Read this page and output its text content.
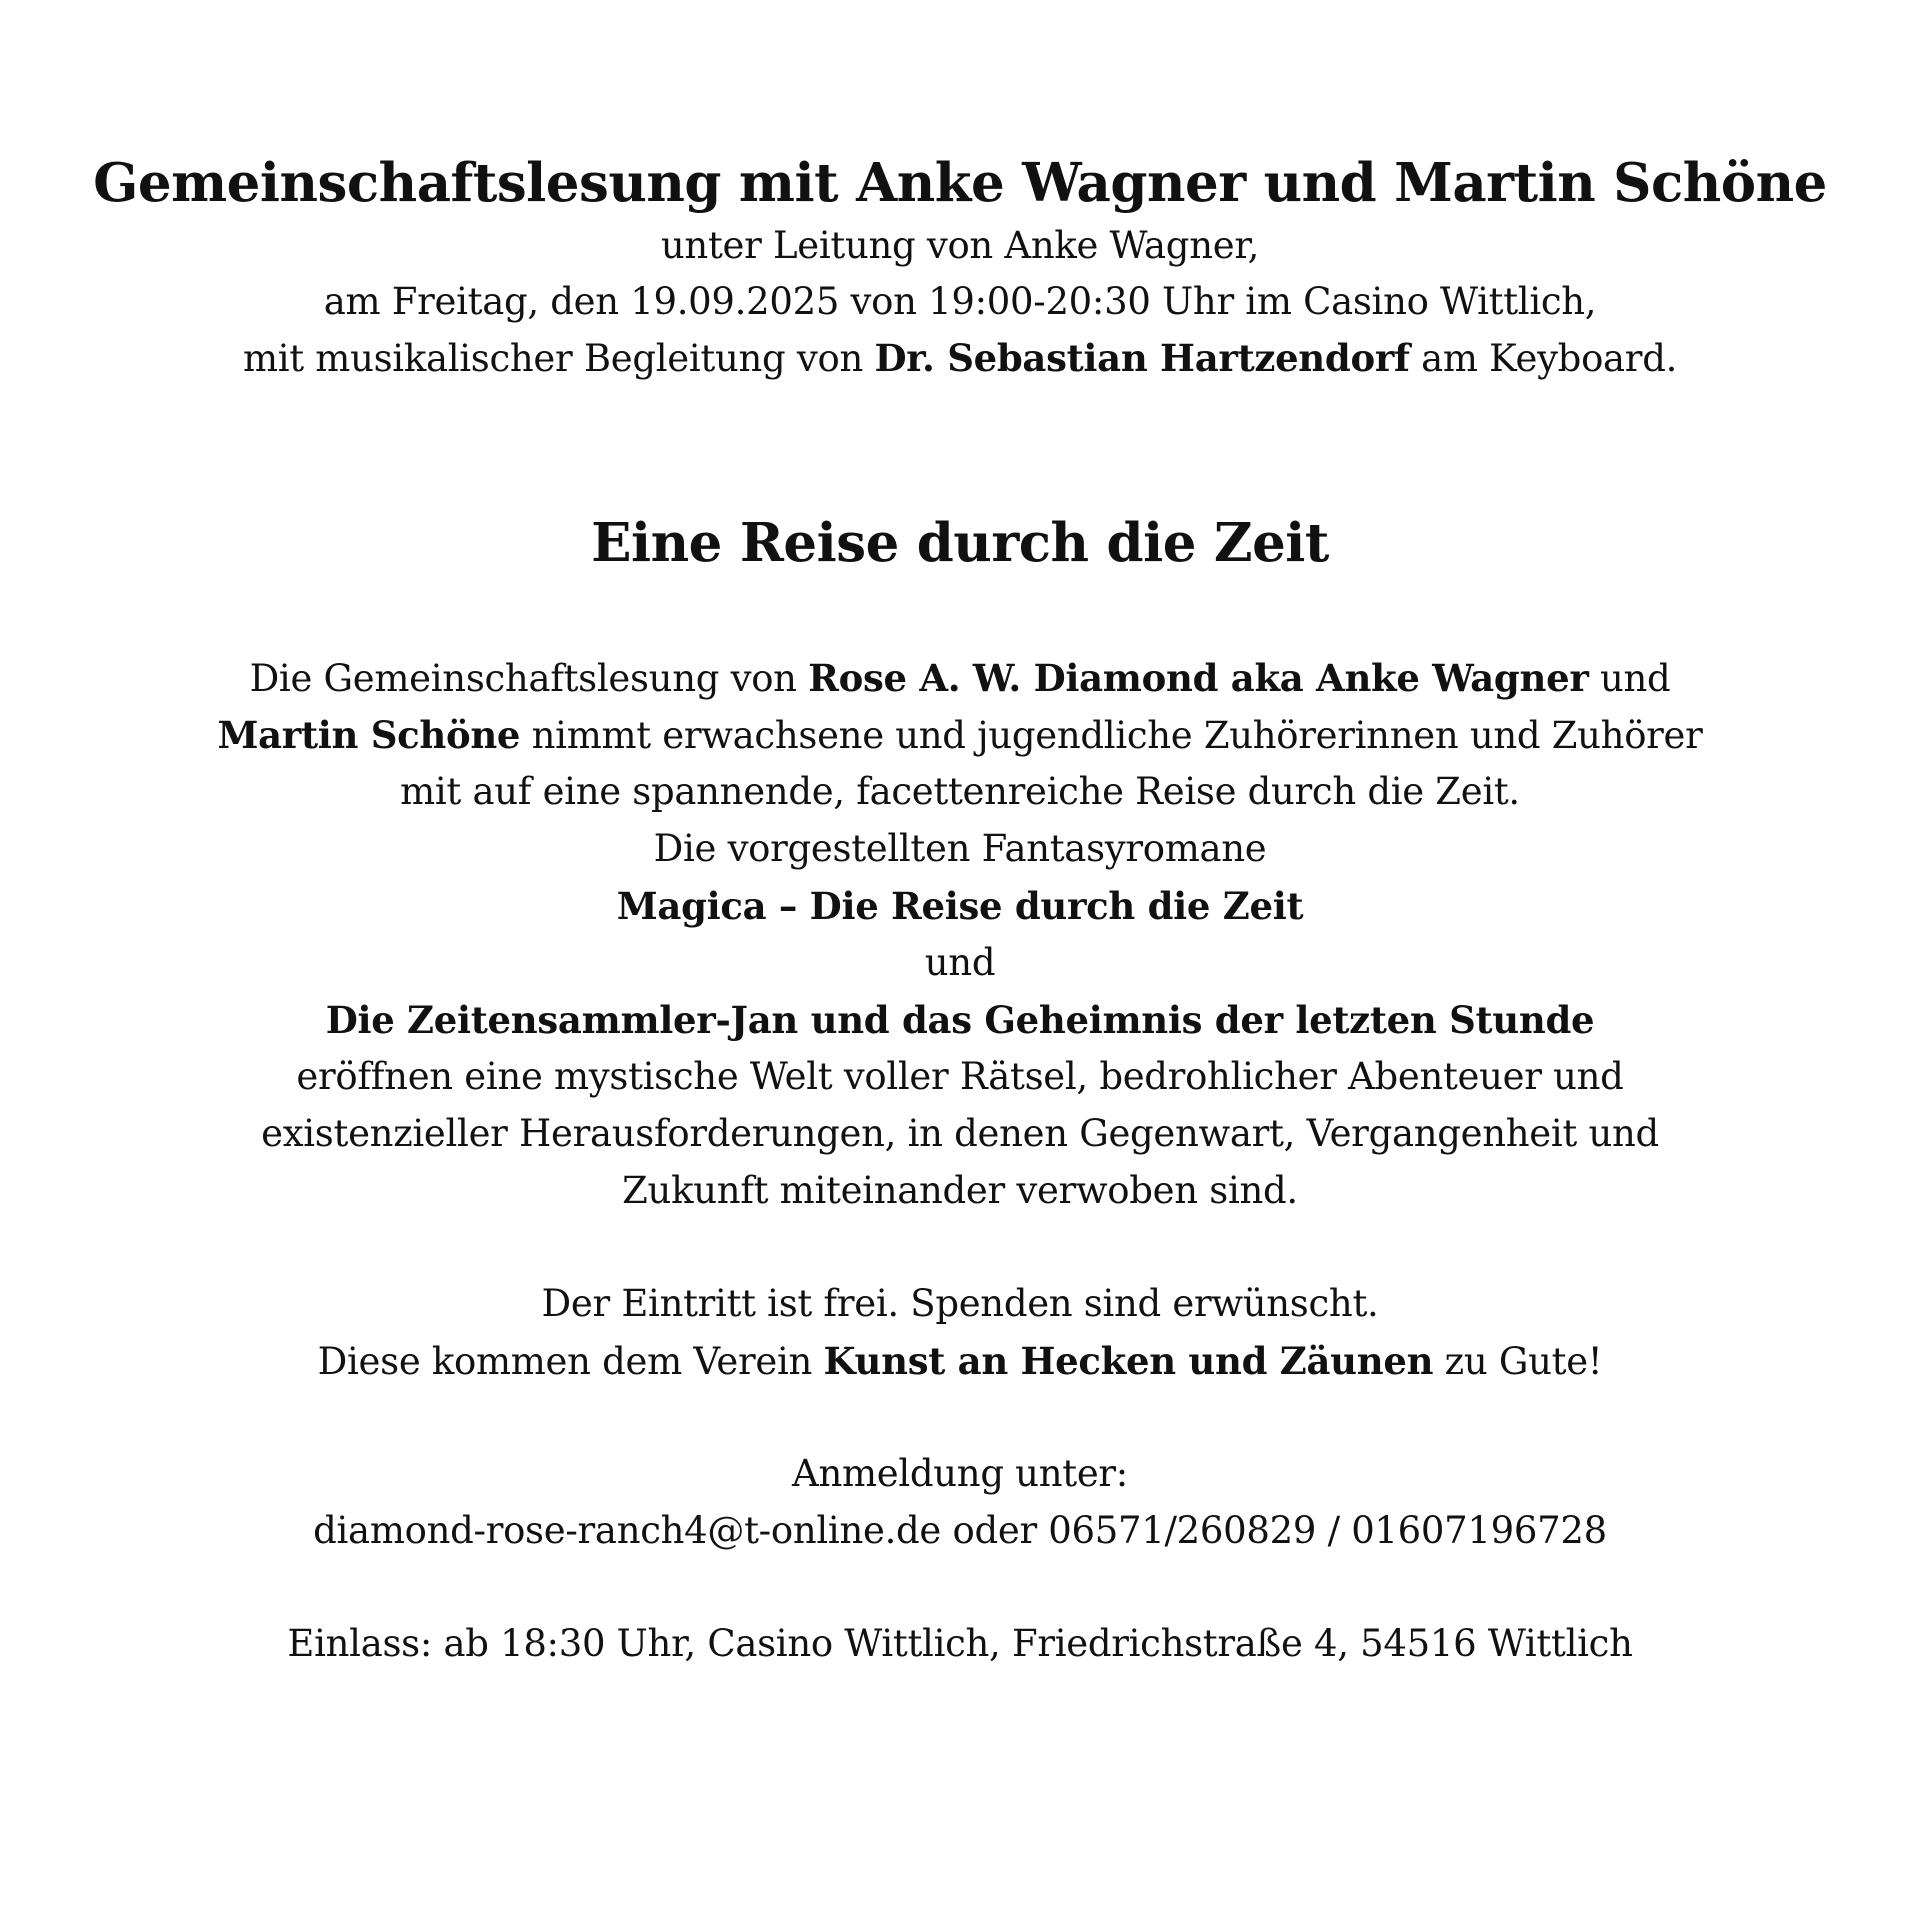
Gemeinschaftslesung mit Anke Wagner und Martin Schöne
unter Leitung von Anke Wagner,
am Freitag, den 19.09.2025 von 19:00-20:30 Uhr im Casino Wittlich,
mit musikalischer Begleitung von Dr. Sebastian Hartzendorf am Keyboard.
Eine Reise durch die Zeit
Die Gemeinschaftslesung von Rose A. W. Diamond aka Anke Wagner und
Martin Schöne nimmt erwachsene und jugendliche Zuhörerinnen und Zuhörer
mit auf eine spannende, facettenreiche Reise durch die Zeit.
Die vorgestellten Fantasyromane
Magica – Die Reise durch die Zeit
und
Die Zeitensammler-Jan und das Geheimnis der letzten Stunde
eröffnen eine mystische Welt voller Rätsel, bedrohlicher Abenteuer und
existenzieller Herausforderungen, in denen Gegenwart, Vergangenheit und
Zukunft miteinander verwoben sind.
Der Eintritt ist frei. Spenden sind erwünscht.
Diese kommen dem Verein Kunst an Hecken und Zäunen zu Gute!
Anmeldung unter:
diamond-rose-ranch4@t-online.de oder 06571/260829 / 01607196728
Einlass: ab 18:30 Uhr, Casino Wittlich, Friedrichstraße 4, 54516 Wittlich
